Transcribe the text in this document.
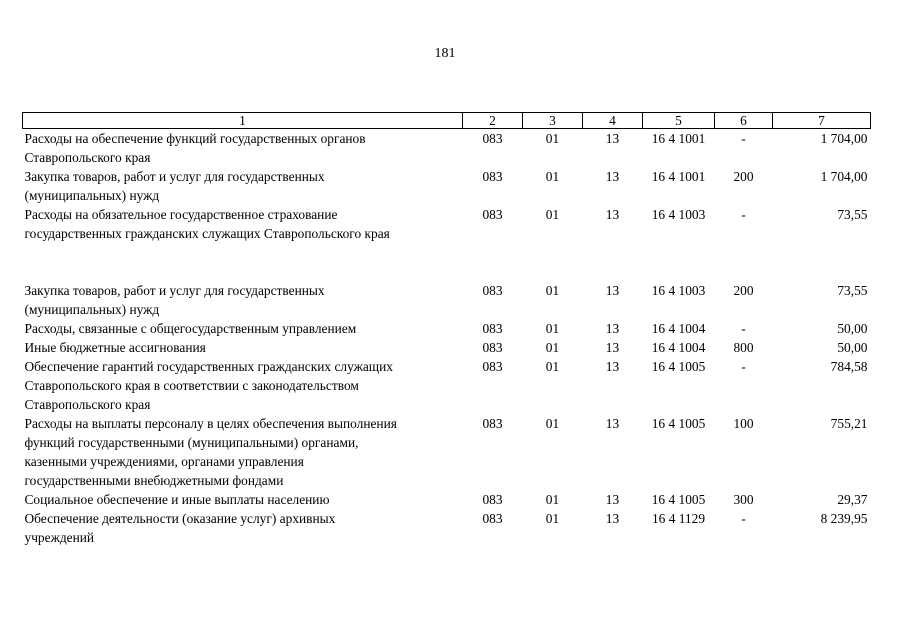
181
1	2	3	4	5	6	7

Расходы на обеспечение функций государственных органов
Ставропольского края	083	01	13	16 4 1001	-	1 704,00

Закупка товаров, работ и услуг для государственных
(муниципальных) нужд	083	01	13	16 4 1001	200	1 704,00

Расходы на обязательное государственное страхование
государственных гражданских служащих Ставропольского края	083	01	13	16 4 1003	-	73,55

Закупка товаров, работ и услуг для государственных
(муниципальных) нужд	083	01	13	16 4 1003	200	73,55

Расходы, связанные с общегосударственным управлением	083	01	13	16 4 1004	-	50,00

Иные бюджетные ассигнования	083	01	13	16 4 1004	800	50,00

Обеспечение гарантий государственных гражданских служащих
Ставропольского края в соответствии с законодательством
Ставропольского края	083	01	13	16 4 1005	-	784,58

Расходы на выплаты персоналу в целях обеспечения выполнения
функций государственными (муниципальными) органами,
казенными учреждениями, органами управления
государственными внебюджетными фондами	083	01	13	16 4 1005	100	755,21

Социальное обеспечение и иные выплаты населению	083	01	13	16 4 1005	300	29,37

Обеспечение деятельности (оказание услуг) архивных
учреждений	083	01	13	16 4 1129	-	8 239,95
